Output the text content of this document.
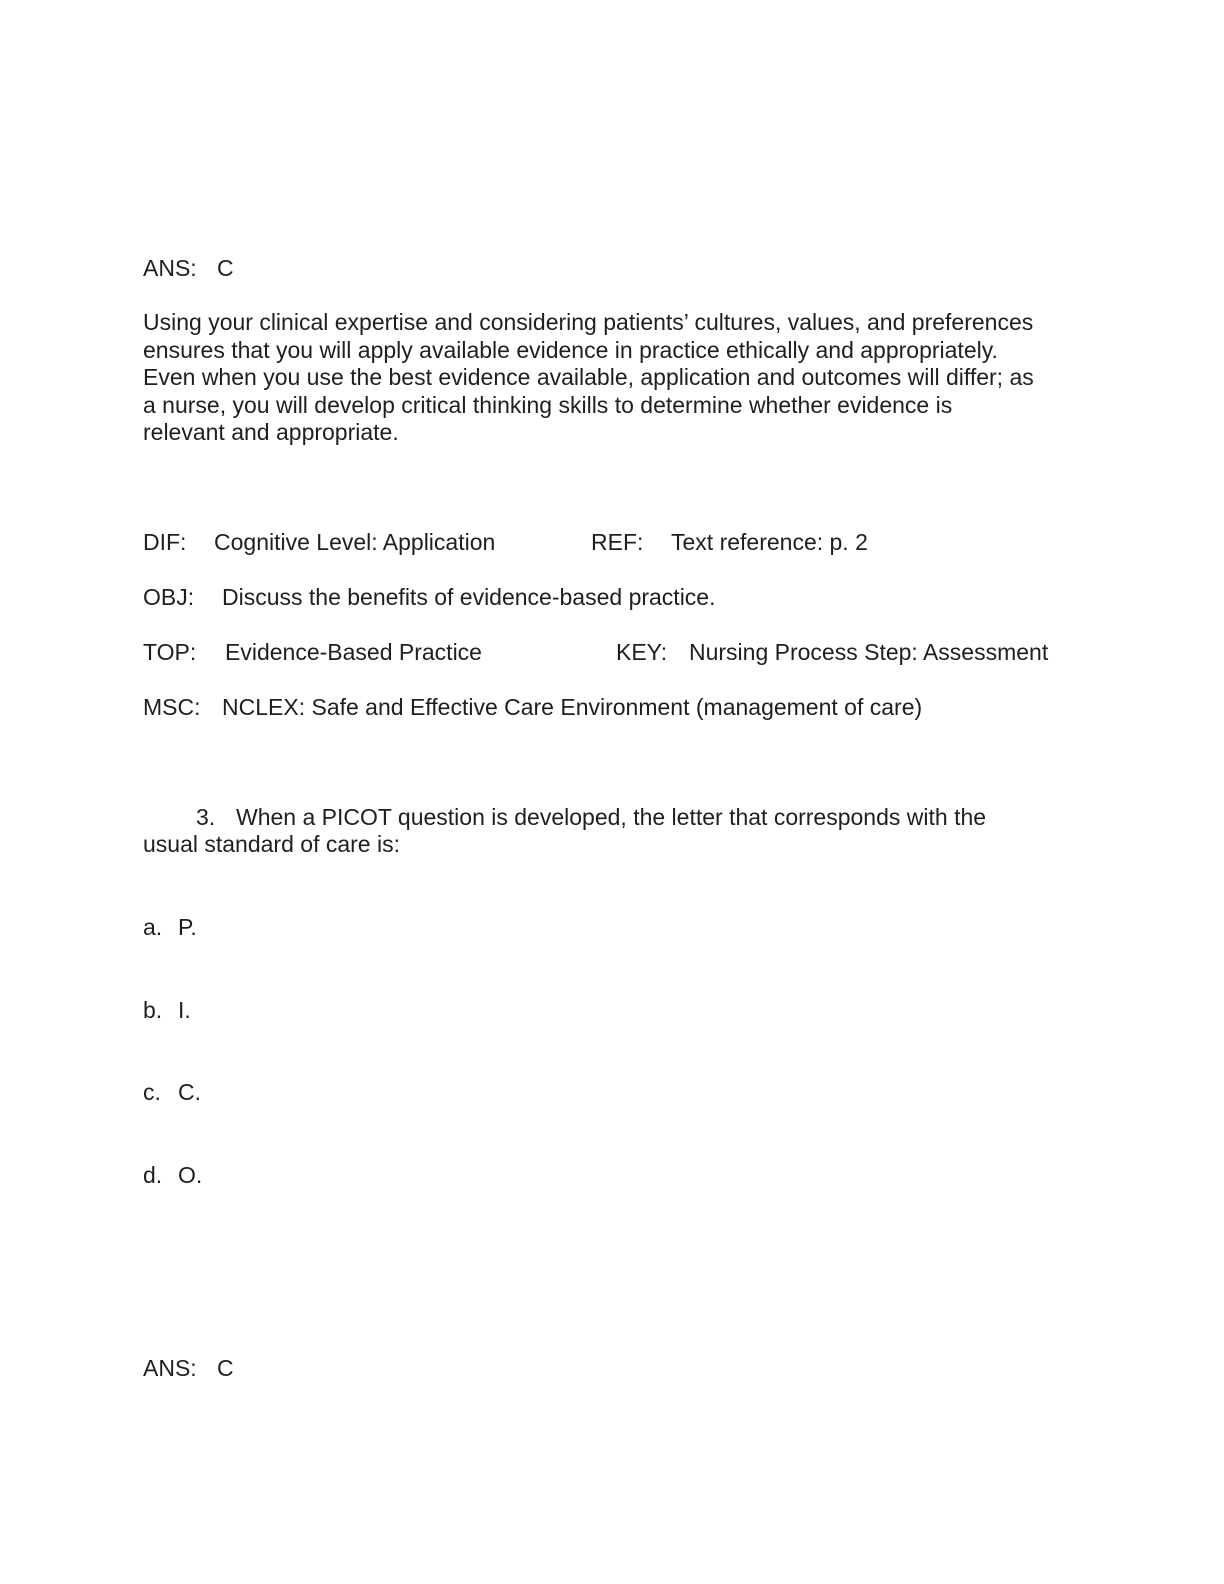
ANS: C
Using your clinical expertise and considering patients’ cultures, values, and preferences
ensures that you will apply available evidence in practice ethically and appropriately.
Even when you use the best evidence available, application and outcomes will differ; as
a nurse, you will develop critical thinking skills to determine whether evidence is
relevant and appropriate.
DIF: Cognitive Level: Application	REF: Text reference: p. 2
OBJ: Discuss the benefits of evidence-based practice.
TOP: Evidence-Based Practice	KEY: Nursing Process Step: Assessment
MSC: NCLEX: Safe and Effective Care Environment (management of care)
3. When a PICOT question is developed, the letter that corresponds with the
usual standard of care is:
a. P.
b. I.
c. C.
d. O.
ANS: C
